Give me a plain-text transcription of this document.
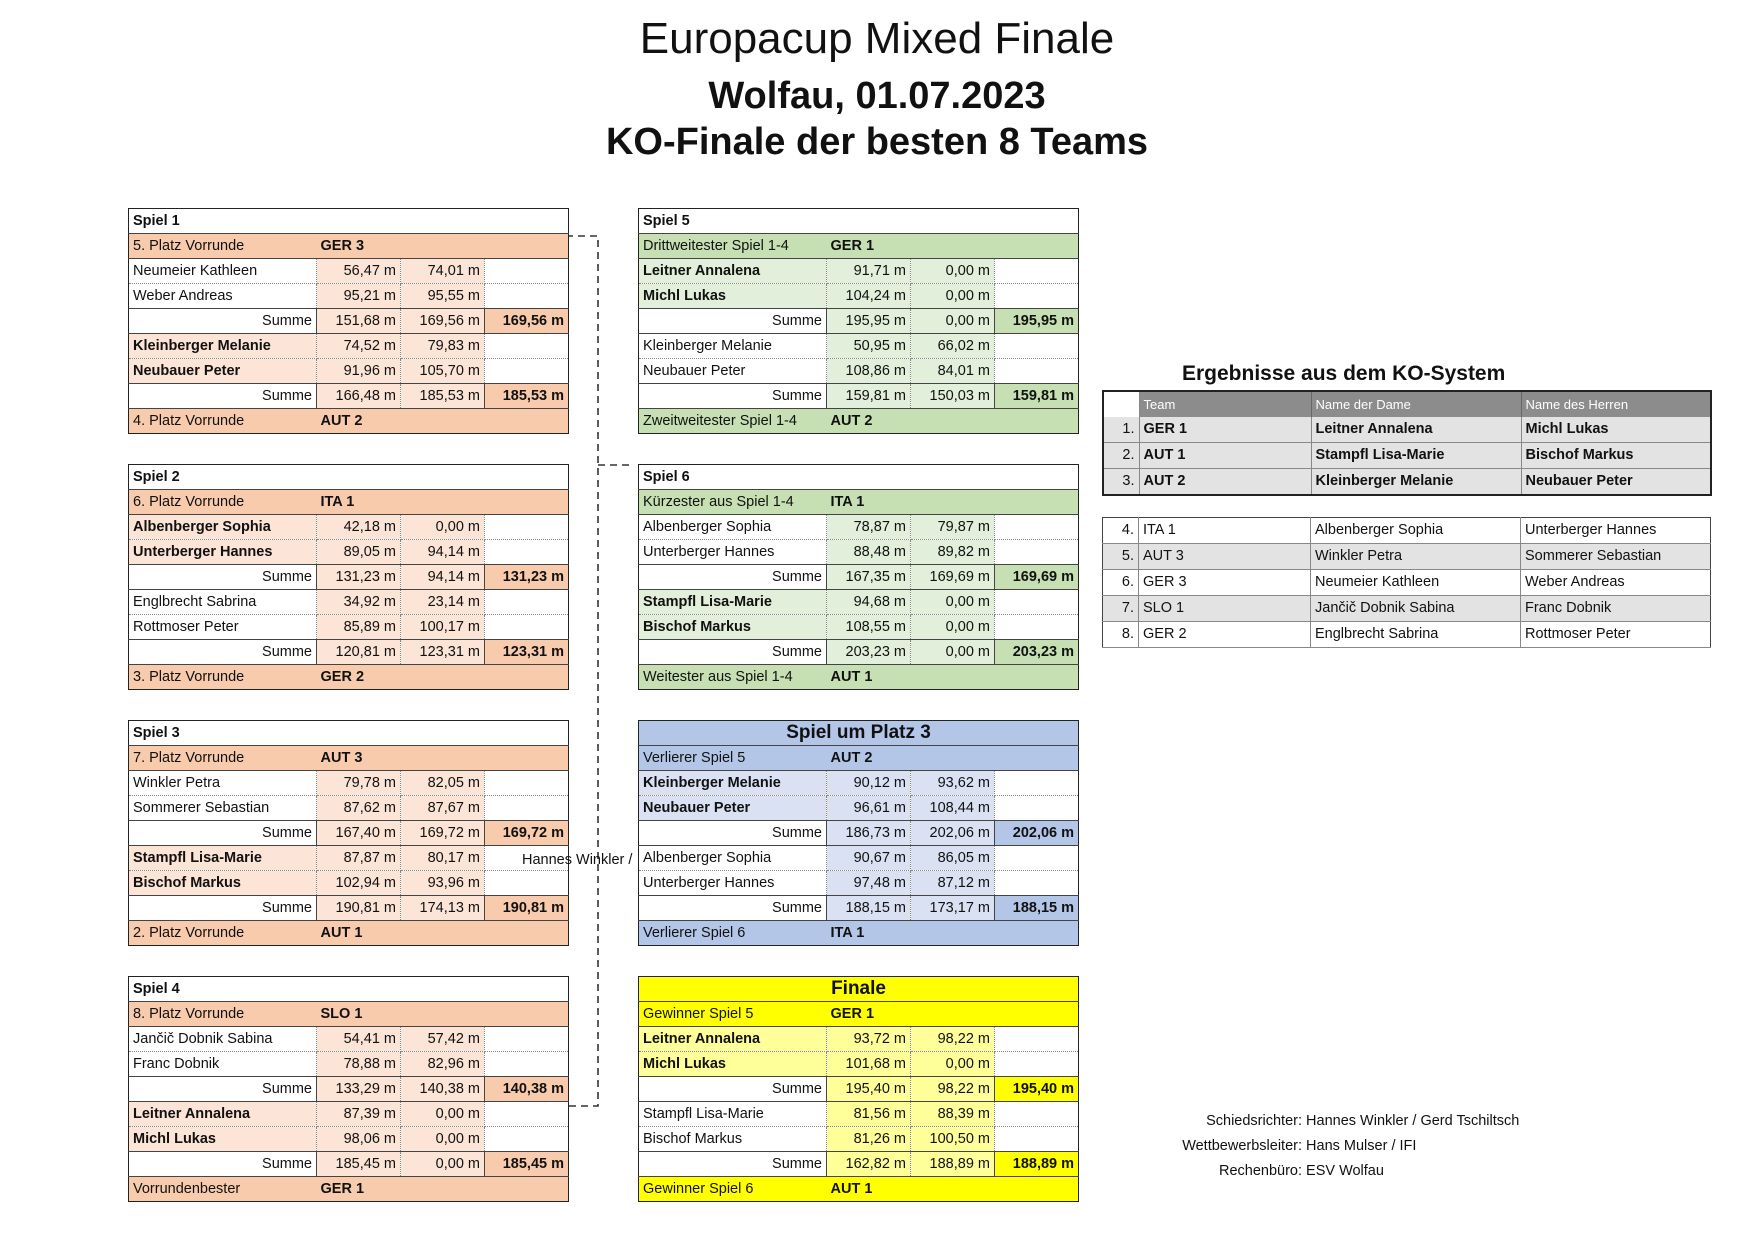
Europacup Mixed Finale
Wolfau, 01.07.2023
KO-Finale der besten 8 Teams
Spiel 1			
5. Platz Vorrunde	GER 3		
Neumeier Kathleen	56,47 m	74,01 m	
Weber Andreas	95,21 m	95,55 m	
Summe	151,68 m	169,56 m	169,56 m
Kleinberger Melanie	74,52 m	79,83 m	
Neubauer Peter	91,96 m	105,70 m	
Summe	166,48 m	185,53 m	185,53 m
4. Platz Vorrunde	AUT 2		
Spiel 2			
6. Platz Vorrunde	ITA 1		
Albenberger Sophia	42,18 m	0,00 m	
Unterberger Hannes	89,05 m	94,14 m	
Summe	131,23 m	94,14 m	131,23 m
Englbrecht Sabrina	34,92 m	23,14 m	
Rottmoser Peter	85,89 m	100,17 m	
Summe	120,81 m	123,31 m	123,31 m
3. Platz Vorrunde	GER 2		
Spiel 3			
7. Platz Vorrunde	AUT 3		
Winkler Petra	79,78 m	82,05 m	
Sommerer Sebastian	87,62 m	87,67 m	
Summe	167,40 m	169,72 m	169,72 m
Stampfl Lisa-Marie	87,87 m	80,17 m	
Bischof Markus	102,94 m	93,96 m	
Summe	190,81 m	174,13 m	190,81 m
2. Platz Vorrunde	AUT 1		
Spiel 4			
8. Platz Vorrunde	SLO 1		
Jančič Dobnik Sabina	54,41 m	57,42 m	
Franc Dobnik	78,88 m	82,96 m	
Summe	133,29 m	140,38 m	140,38 m
Leitner Annalena	87,39 m	0,00 m	
Michl Lukas	98,06 m	0,00 m	
Summe	185,45 m	0,00 m	185,45 m
Vorrundenbester	GER 1		
Spiel 5			
Drittweitester Spiel 1-4	GER 1		
Leitner Annalena	91,71 m	0,00 m	
Michl Lukas	104,24 m	0,00 m	
Summe	195,95 m	0,00 m	195,95 m
Kleinberger Melanie	50,95 m	66,02 m	
Neubauer Peter	108,86 m	84,01 m	
Summe	159,81 m	150,03 m	159,81 m
Zweitweitester Spiel 1-4	AUT 2		
Spiel 6			
Kürzester aus Spiel 1-4	ITA 1		
Albenberger Sophia	78,87 m	79,87 m	
Unterberger Hannes	88,48 m	89,82 m	
Summe	167,35 m	169,69 m	169,69 m
Stampfl Lisa-Marie	94,68 m	0,00 m	
Bischof Markus	108,55 m	0,00 m	
Summe	203,23 m	0,00 m	203,23 m
Weitester aus Spiel 1-4	AUT 1		
Spiel um Platz 3			
Verlierer Spiel 5	AUT 2		
Kleinberger Melanie	90,12 m	93,62 m	
Neubauer Peter	96,61 m	108,44 m	
Summe	186,73 m	202,06 m	202,06 m
Albenberger Sophia	90,67 m	86,05 m	
Unterberger Hannes	97,48 m	87,12 m	
Summe	188,15 m	173,17 m	188,15 m
Verlierer Spiel 6	ITA 1		
Finale			
Gewinner Spiel 5	GER 1		
Leitner Annalena	93,72 m	98,22 m	
Michl Lukas	101,68 m	0,00 m	
Summe	195,40 m	98,22 m	195,40 m
Stampfl Lisa-Marie	81,56 m	88,39 m	
Bischof Markus	81,26 m	100,50 m	
Summe	162,82 m	188,89 m	188,89 m
Gewinner Spiel 6	AUT 1		
Hannes Winkler /
Ergebnisse aus dem KO-System
	Team	Name der Dame	Name des Herren
1.	GER 1	Leitner Annalena	Michl Lukas
2.	AUT 1	Stampfl Lisa-Marie	Bischof Markus
3.	AUT 2	Kleinberger Melanie	Neubauer Peter
4.	ITA 1	Albenberger Sophia	Unterberger Hannes
5.	AUT 3	Winkler Petra	Sommerer Sebastian
6.	GER 3	Neumeier Kathleen	Weber Andreas
7.	SLO 1	Jančič Dobnik Sabina	Franc Dobnik
8.	GER 2	Englbrecht Sabrina	Rottmoser Peter
Schiedsrichter: Hannes Winkler / Gerd Tschiltsch
Wettbewerbsleiter: Hans Mulser / IFI
Rechenbüro: ESV Wolfau
